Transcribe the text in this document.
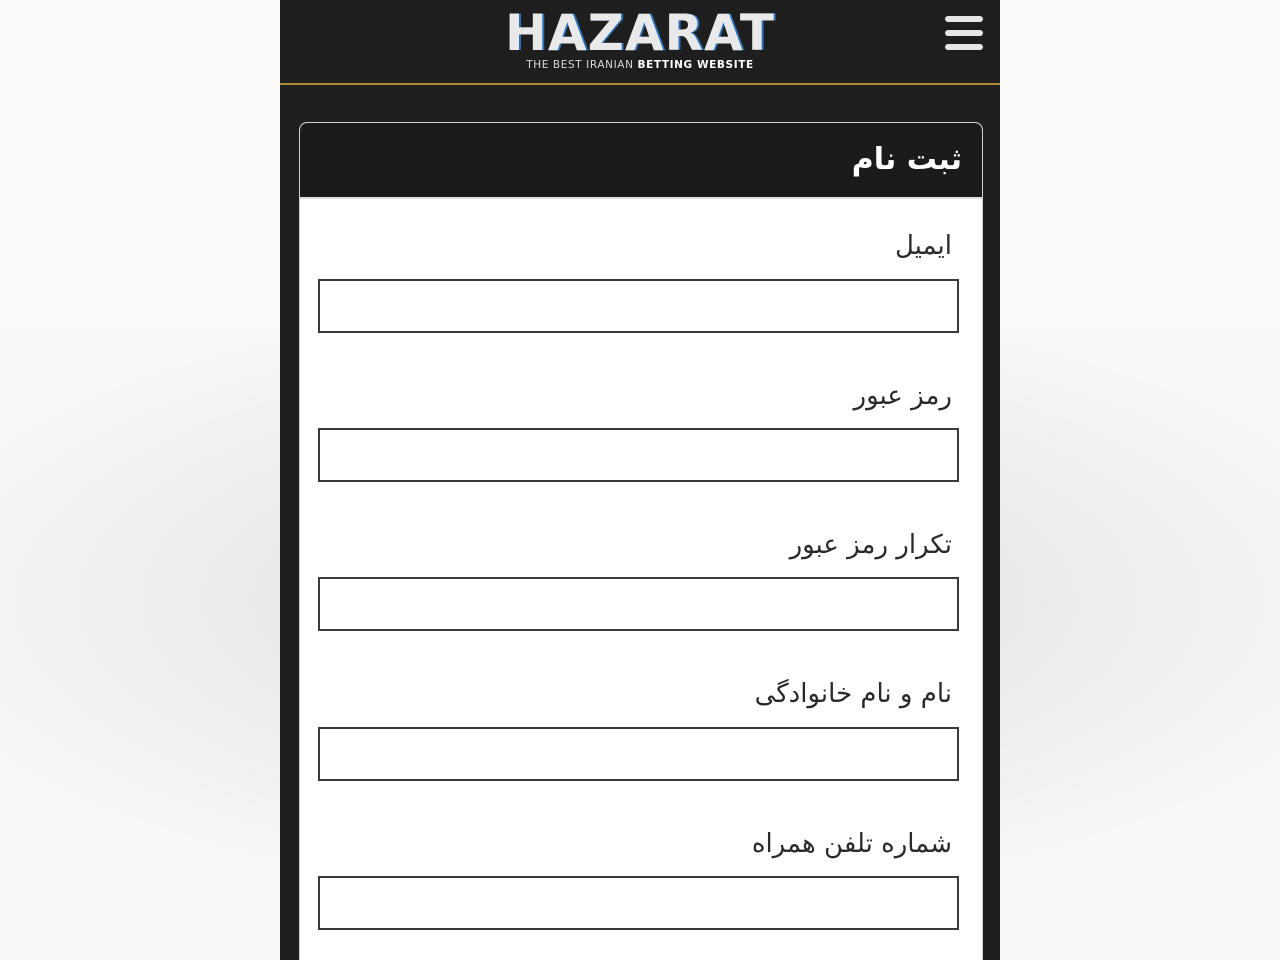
HAZARAT
THE BEST IRANIAN BETTING WEBSITE
ثبت نام
ایمیل
رمز عبور
تکرار رمز عبور
نام و نام خانوادگی
شماره تلفن همراه
